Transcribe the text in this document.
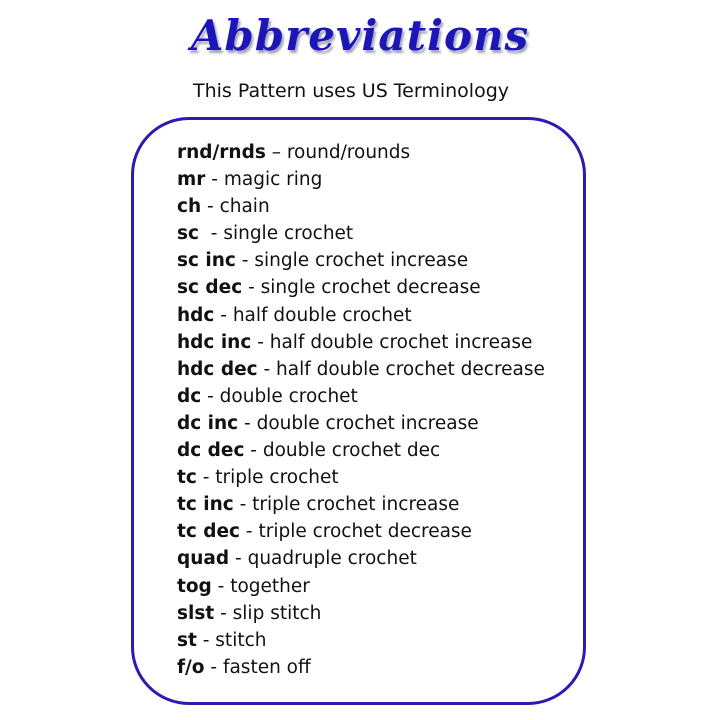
Abbreviations
This Pattern uses US Terminology
rnd/rnds – round/rounds
mr - magic ring
ch - chain
sc  - single crochet
sc inc - single crochet increase
sc dec - single crochet decrease
hdc - half double crochet
hdc inc - half double crochet increase
hdc dec - half double crochet decrease
dc - double crochet
dc inc - double crochet increase
dc dec - double crochet dec
tc - triple crochet
tc inc - triple crochet increase
tc dec - triple crochet decrease
quad - quadruple crochet
tog - together
slst - slip stitch
st - stitch
f/o - fasten off
